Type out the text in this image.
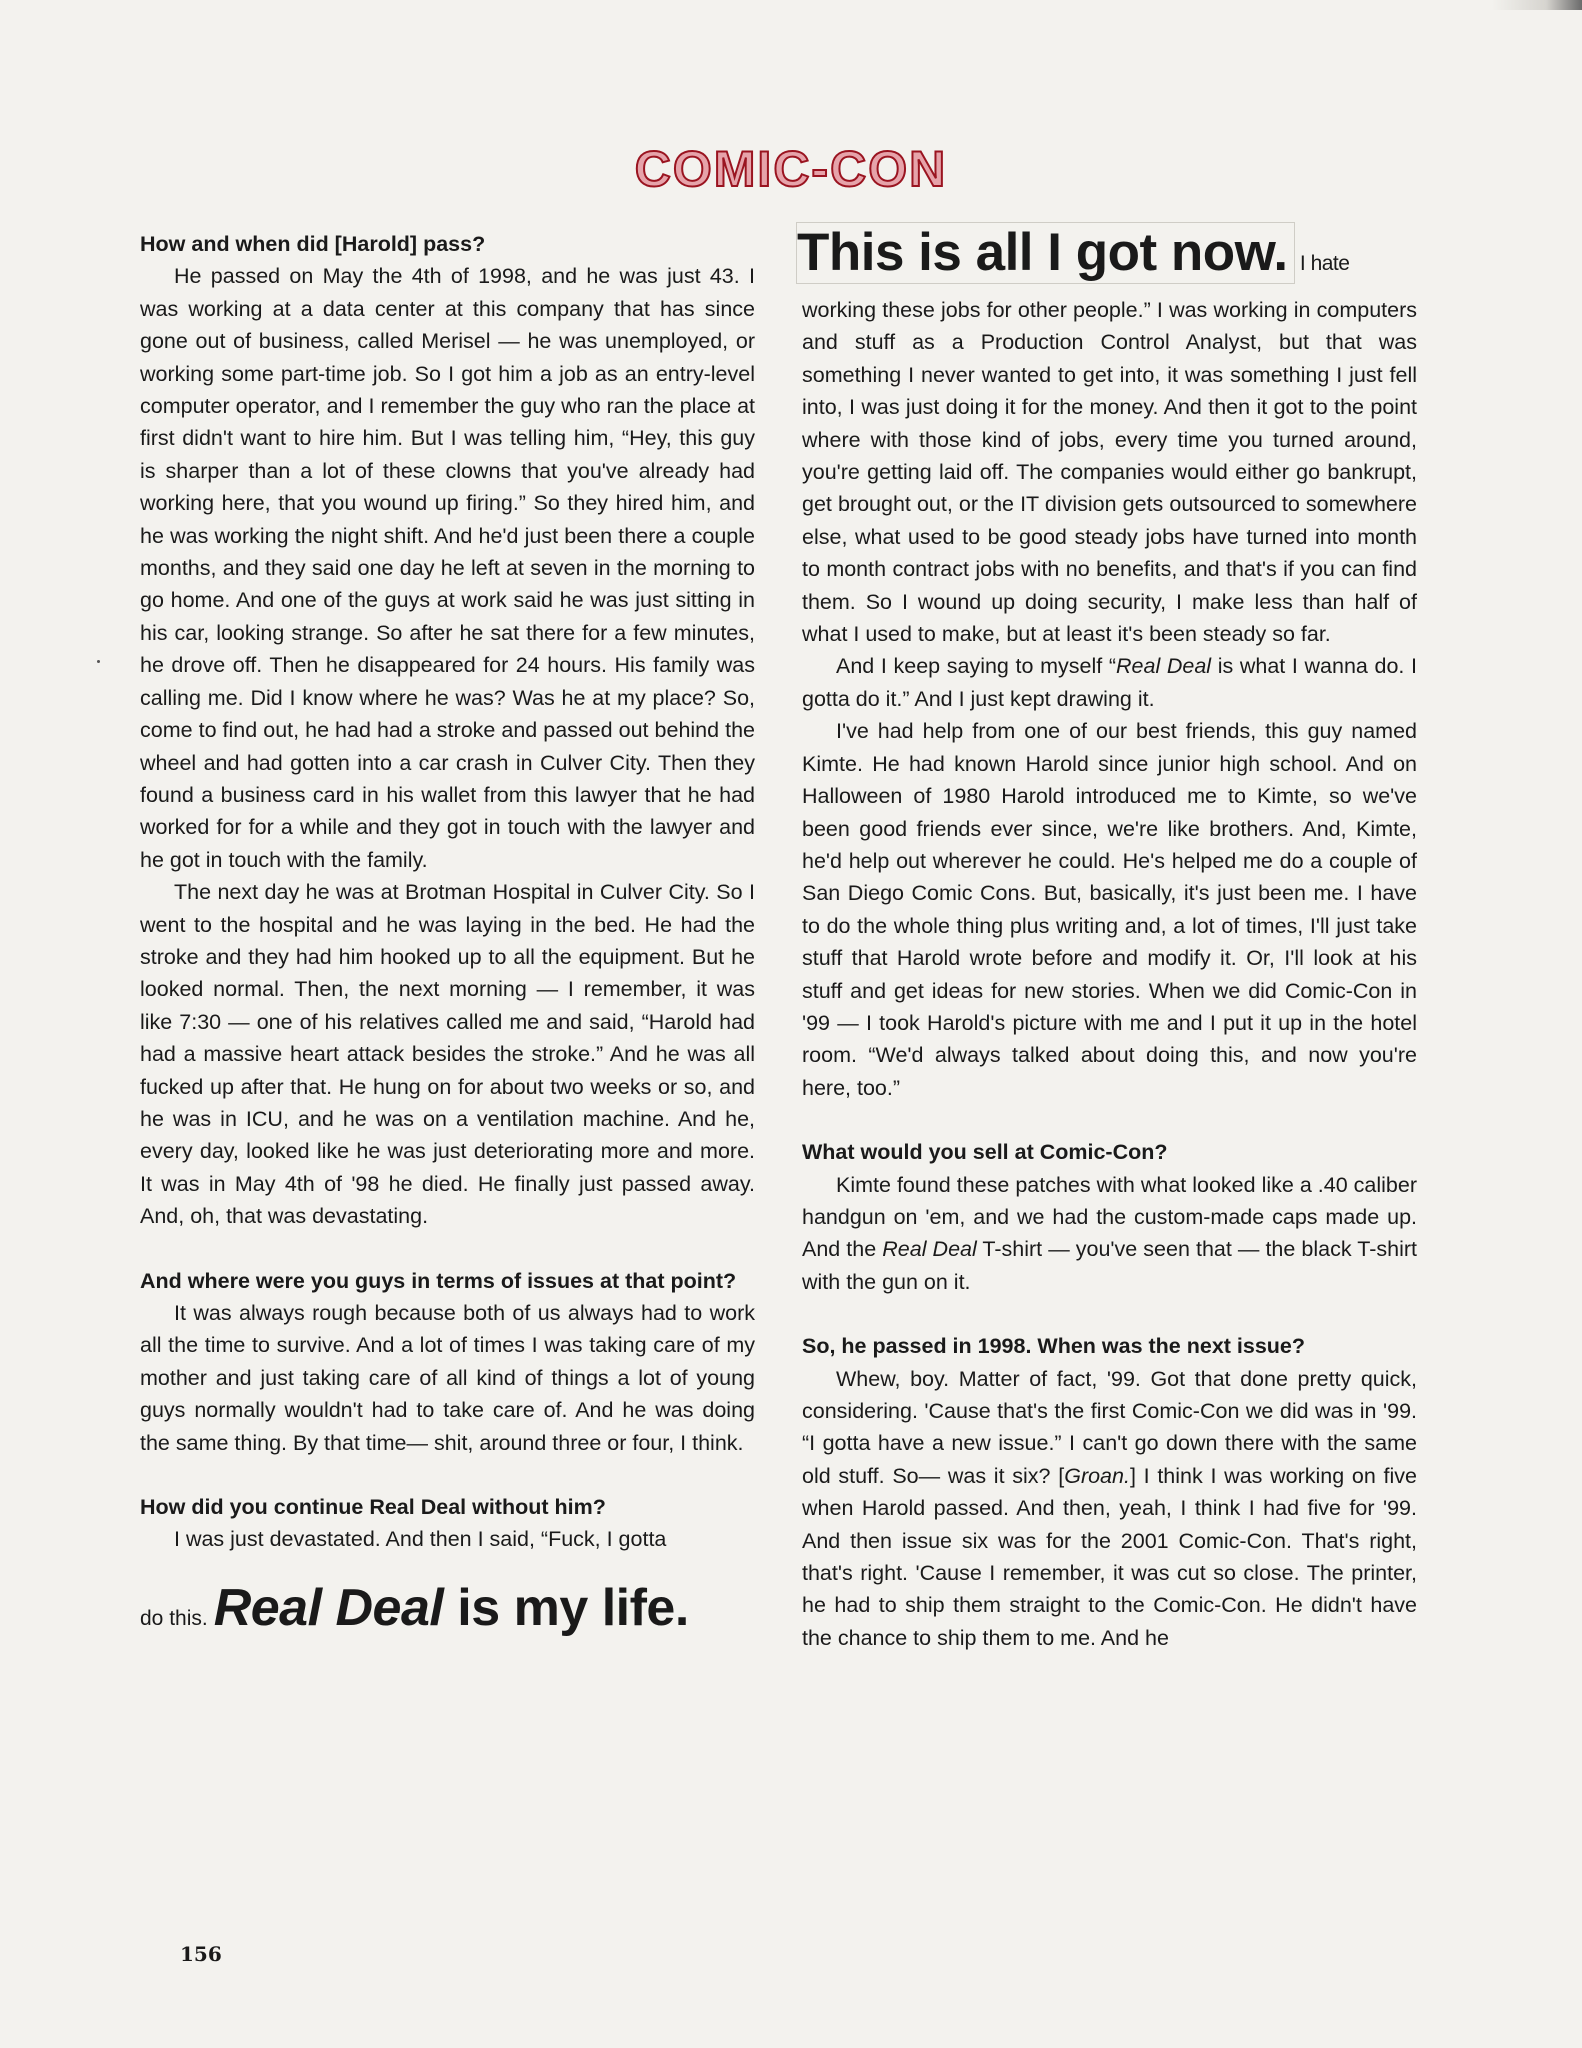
COMIC-CON

How and when did [Harold] pass?

He passed on May the 4th of 1998, and he was just 43. I was working at a data center at this company that has since gone out of business, called Merisel — he was unemployed, or working some part-time job. So I got him a job as an entry-level computer operator, and I remember the guy who ran the place at first didn't want to hire him. But I was telling him, “Hey, this guy is sharper than a lot of these clowns that you've already had working here, that you wound up firing.” So they hired him, and he was working the night shift. And he'd just been there a couple months, and they said one day he left at seven in the morning to go home. And one of the guys at work said he was just sitting in his car, looking strange. So after he sat there for a few minutes, he drove off. Then he disappeared for 24 hours. His family was calling me. Did I know where he was? Was he at my place? So, come to find out, he had had a stroke and passed out behind the wheel and had gotten into a car crash in Culver City. Then they found a business card in his wallet from this lawyer that he had worked for for a while and they got in touch with the lawyer and he got in touch with the family.

The next day he was at Brotman Hospital in Culver City. So I went to the hospital and he was laying in the bed. He had the stroke and they had him hooked up to all the equipment. But he looked normal. Then, the next morning — I remember, it was like 7:30 — one of his relatives called me and said, “Harold had had a massive heart attack besides the stroke.” And he was all fucked up after that. He hung on for about two weeks or so, and he was in ICU, and he was on a ventilation machine. And he, every day, looked like he was just deteriorating more and more. It was in May 4th of '98 he died. He finally just passed away. And, oh, that was devastating.

And where were you guys in terms of issues at that point?

It was always rough because both of us always had to work all the time to survive. And a lot of times I was taking care of my mother and just taking care of all kind of things a lot of young guys normally wouldn't had to take care of. And he was doing the same thing. By that time— shit, around three or four, I think.

How did you continue Real Deal without him?

I was just devastated. And then I said, “Fuck, I gotta

do this. Real Deal is my life.

This is all I got now. I hate

working these jobs for other people.” I was working in computers and stuff as a Production Control Analyst, but that was something I never wanted to get into, it was something I just fell into, I was just doing it for the money. And then it got to the point where with those kind of jobs, every time you turned around, you're getting laid off. The companies would either go bankrupt, get brought out, or the IT division gets outsourced to somewhere else, what used to be good steady jobs have turned into month to month contract jobs with no benefits, and that's if you can find them. So I wound up doing security, I make less than half of what I used to make, but at least it's been steady so far.

And I keep saying to myself “Real Deal is what I wanna do. I gotta do it.” And I just kept drawing it.

I've had help from one of our best friends, this guy named Kimte. He had known Harold since junior high school. And on Halloween of 1980 Harold introduced me to Kimte, so we've been good friends ever since, we're like brothers. And, Kimte, he'd help out wherever he could. He's helped me do a couple of San Diego Comic Cons. But, basically, it's just been me. I have to do the whole thing plus writing and, a lot of times, I'll just take stuff that Harold wrote before and modify it. Or, I'll look at his stuff and get ideas for new stories. When we did Comic-Con in '99 — I took Harold's picture with me and I put it up in the hotel room. “We'd always talked about doing this, and now you're here, too.”

What would you sell at Comic-Con?

Kimte found these patches with what looked like a .40 caliber handgun on 'em, and we had the custom-made caps made up. And the Real Deal T-shirt — you've seen that — the black T-shirt with the gun on it.

So, he passed in 1998. When was the next issue?

Whew, boy. Matter of fact, '99. Got that done pretty quick, considering. 'Cause that's the first Comic-Con we did was in '99. “I gotta have a new issue.” I can't go down there with the same old stuff. So— was it six? [Groan.] I think I was working on five when Harold passed. And then, yeah, I think I had five for '99. And then issue six was for the 2001 Comic-Con. That's right, that's right. 'Cause I remember, it was cut so close. The printer, he had to ship them straight to the Comic-Con. He didn't have the chance to ship them to me. And he

156
